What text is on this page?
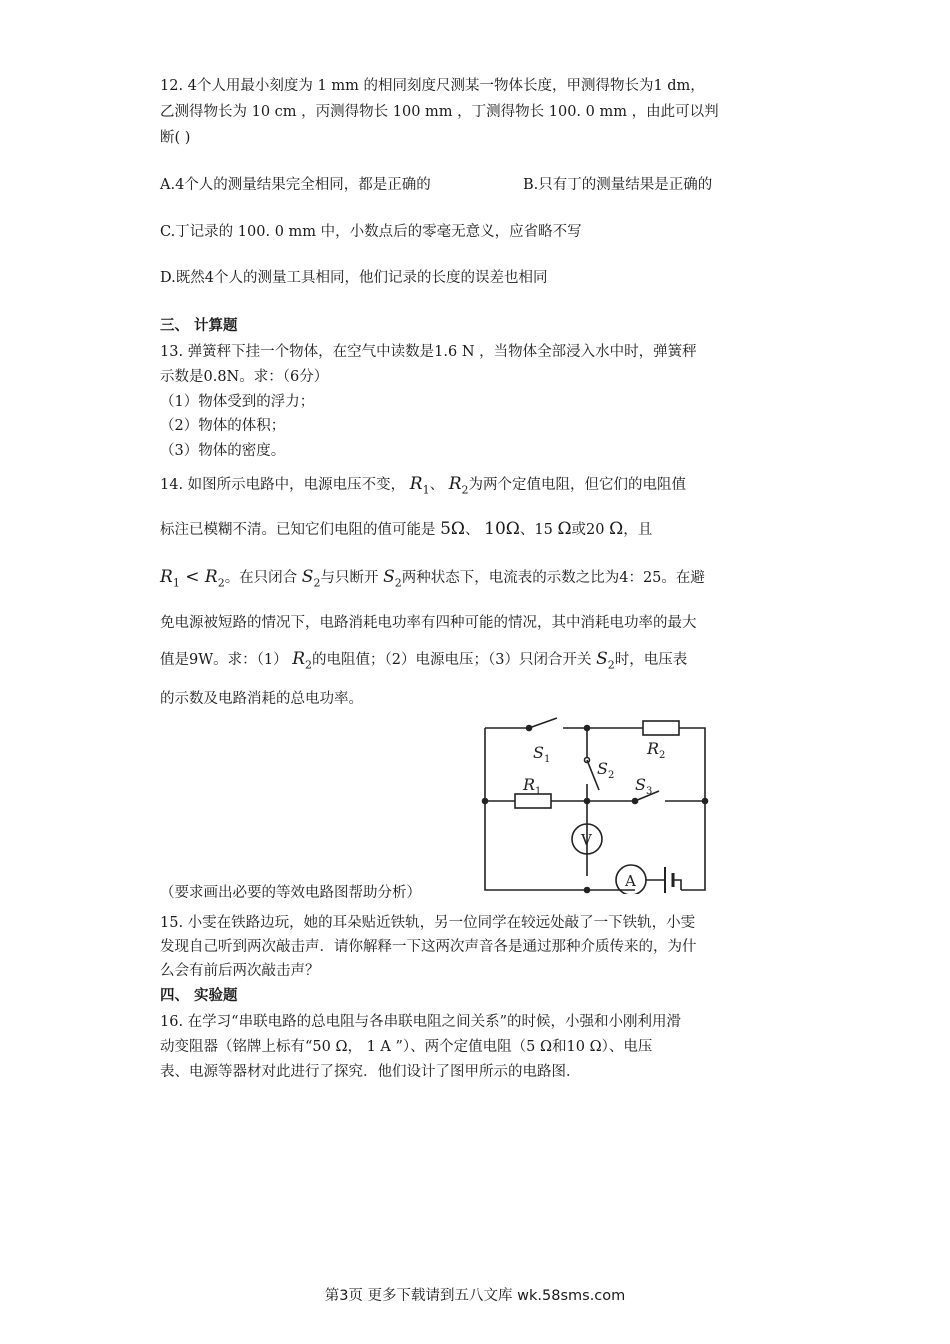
12. 4个人用最小刻度为 1 mm 的相同刻度尺测某一物体长度，甲测得物长为1 dm，
乙测得物长为 10 cm ，丙测得物长 100 mm ，丁测得物长 100. 0 mm ，由此可以判
断( )
A.4个人的测量结果完全相同，都是正确的	B.只有丁的测量结果是正确的
C.丁记录的 100. 0 mm 中，小数点后的零毫无意义，应省略不写
D.既然4个人的测量工具相同，他们记录的长度的误差也相同
三、 计算题
13. 弹簧秤下挂一个物体，在空气中读数是1.6 N ，当物体全部浸入水中时，弹簧秤
示数是0.8N。求：（6分）
（1）物体受到的浮力；
（2）物体的体积；
（3）物体的密度。
14. 如图所示电路中，电源电压不变， $R_1$、 $R_2$为两个定值电阻，但它们的电阻值
标注已模糊不清。已知它们电阻的值可能是 5Ω、 10Ω、15 Ω或20 Ω，且
$R_1 < R_2$。在只闭合 $S_2$与只断开 $S_2$两种状态下，电流表的示数之比为4：25。在避
免电源被短路的情况下，电路消耗电功率有四种可能的情况，其中消耗电功率的最大
值是9W。求：（1） $R_2$的电阻值；（2）电源电压；（3）只闭合开关 $S_2$时，电压表
的示数及电路消耗的总电功率。
$S_1$
$R_2$
$S_2$
$R_1$	$S_3$
V
A
（要求画出必要的等效电路图帮助分析）
15. 小雯在铁路边玩，她的耳朵贴近铁轨，另一位同学在较远处敲了一下铁轨，小雯
发现自己听到两次敲击声．请你解释一下这两次声音各是通过那种介质传来的，为什
么会有前后两次敲击声？
四、 实验题
16. 在学习“串联电路的总电阻与各串联电阻之间关系”的时候，小强和小刚利用滑
动变阻器（铭牌上标有“50 Ω， 1 A ”）、两个定值电阻（5 Ω和10 Ω）、电压
表、电源等器材对此进行了探究．他们设计了图甲所示的电路图．
第3页 更多下载请到五八文库 wk.58sms.com
